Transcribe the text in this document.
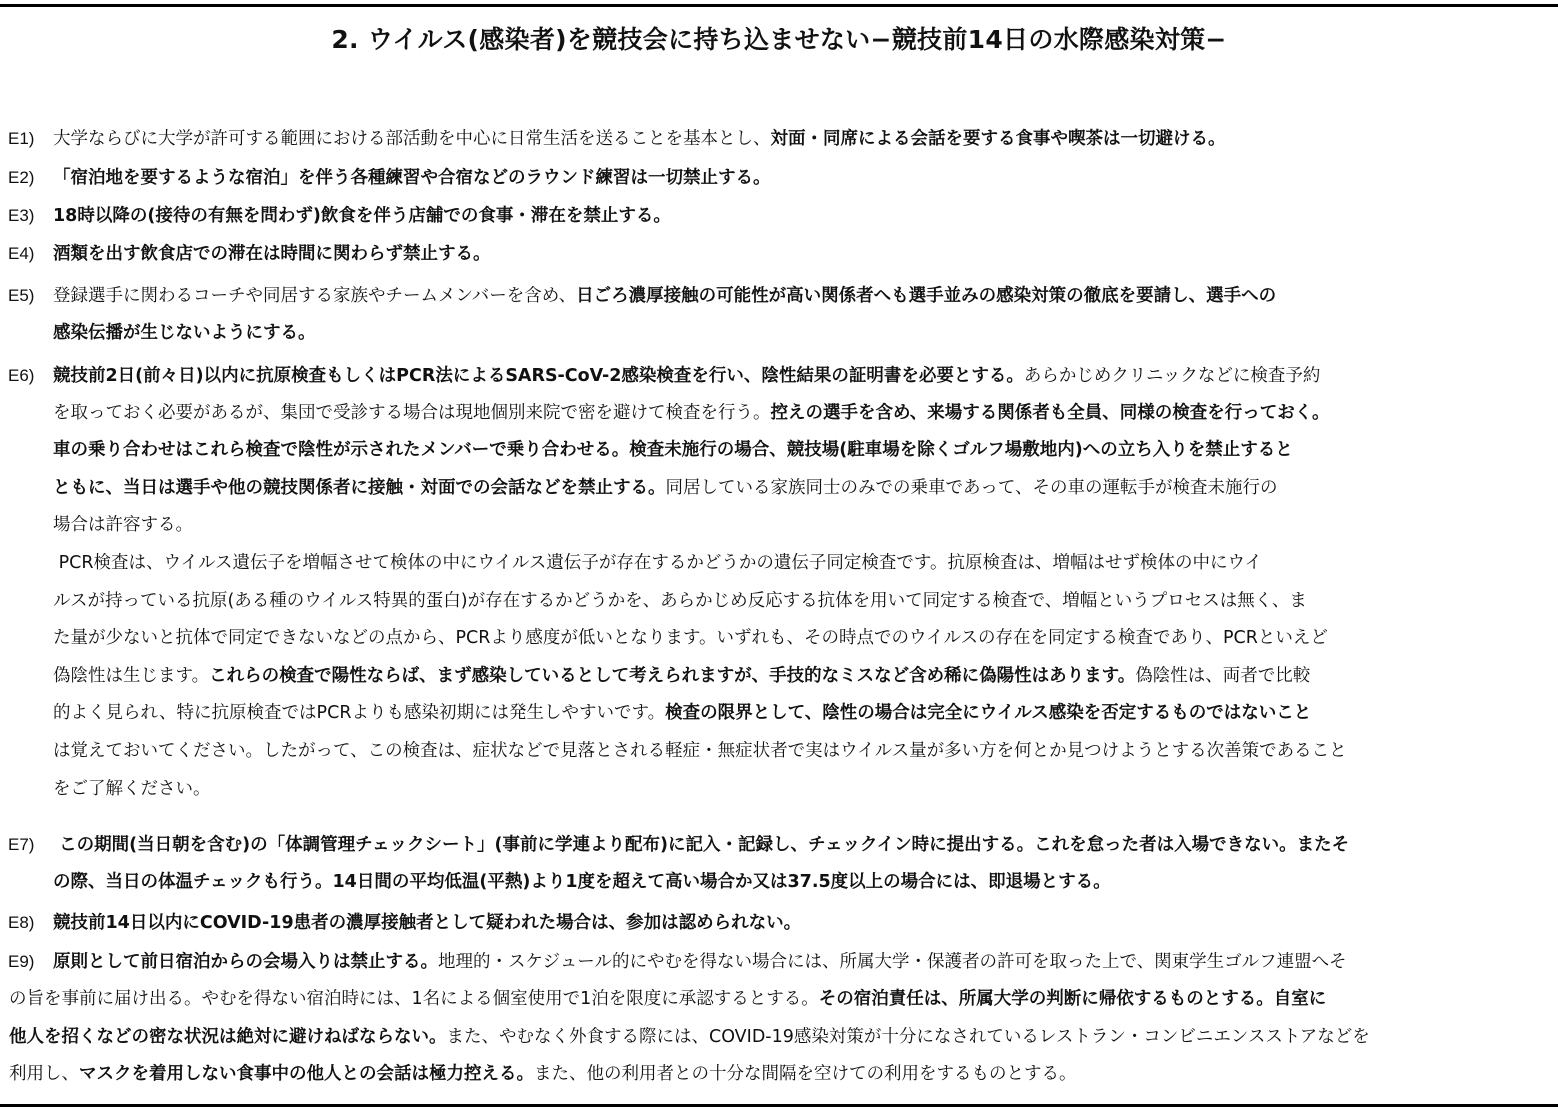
2. ウイルス(感染者)を競技会に持ち込ませない−競技前14日の水際感染対策−
E1) 大学ならびに大学が許可する範囲における部活動を中心に日常生活を送ることを基本とし、対面・同席による会話を要する食事や喫茶は一切避ける。
E2) 「宿泊地を要するような宿泊」を伴う各種練習や合宿などのラウンド練習は一切禁止する。
E3) 18時以降の(接待の有無を問わず)飲食を伴う店舗での食事・滞在を禁止する。
E4) 酒類を出す飲食店での滞在は時間に関わらず禁止する。
E5) 登録選手に関わるコーチや同居する家族やチームメンバーを含め、日ごろ濃厚接触の可能性が高い関係者へも選手並みの感染対策の徹底を要請し、選手への
感染伝播が生じないようにする。
E6) 競技前2日(前々日)以内に抗原検査もしくはPCR法によるSARS-CoV-2感染検査を行い、陰性結果の証明書を必要とする。あらかじめクリニックなどに検査予約
を取っておく必要があるが、集団で受診する場合は現地個別来院で密を避けて検査を行う。控えの選手を含め、来場する関係者も全員、同様の検査を行っておく。
車の乗り合わせはこれら検査で陰性が示されたメンバーで乗り合わせる。検査未施行の場合、競技場(駐車場を除くゴルフ場敷地内)への立ち入りを禁止すると
ともに、当日は選手や他の競技関係者に接触・対面での会話などを禁止する。同居している家族同士のみでの乗車であって、その車の運転手が検査未施行の
場合は許容する。
PCR検査は、ウイルス遺伝子を増幅させて検体の中にウイルス遺伝子が存在するかどうかの遺伝子同定検査です。抗原検査は、増幅はせず検体の中にウイ
ルスが持っている抗原(ある種のウイルス特異的蛋白)が存在するかどうかを、あらかじめ反応する抗体を用いて同定する検査で、増幅というプロセスは無く、ま
た量が少ないと抗体で同定できないなどの点から、PCRより感度が低いとなります。いずれも、その時点でのウイルスの存在を同定する検査であり、PCRといえど
偽陰性は生じます。これらの検査で陽性ならば、まず感染しているとして考えられますが、手技的なミスなど含め稀に偽陽性はあります。偽陰性は、両者で比較
的よく見られ、特に抗原検査ではPCRよりも感染初期には発生しやすいです。検査の限界として、陰性の場合は完全にウイルス感染を否定するものではないこと
は覚えておいてください。したがって、この検査は、症状などで見落とされる軽症・無症状者で実はウイルス量が多い方を何とか見つけようとする次善策であること
をご了解ください。
E7) この期間(当日朝を含む)の「体調管理チェックシート」(事前に学連より配布)に記入・記録し、チェックイン時に提出する。これを怠った者は入場できない。またそ
の際、当日の体温チェックも行う。14日間の平均低温(平熱)より1度を超えて高い場合か又は37.5度以上の場合には、即退場とする。
E8) 競技前14日以内にCOVID-19患者の濃厚接触者として疑われた場合は、参加は認められない。
E9) 原則として前日宿泊からの会場入りは禁止する。地理的・スケジュール的にやむを得ない場合には、所属大学・保護者の許可を取った上で、関東学生ゴルフ連盟へそ
の旨を事前に届け出る。やむを得ない宿泊時には、1名による個室使用で1泊を限度に承認するとする。その宿泊責任は、所属大学の判断に帰依するものとする。自室に
他人を招くなどの密な状況は絶対に避けねばならない。また、やむなく外食する際には、COVID-19感染対策が十分になされているレストラン・コンビニエンスストアなどを
利用し、マスクを着用しない食事中の他人との会話は極力控える。また、他の利用者との十分な間隔を空けての利用をするものとする。
